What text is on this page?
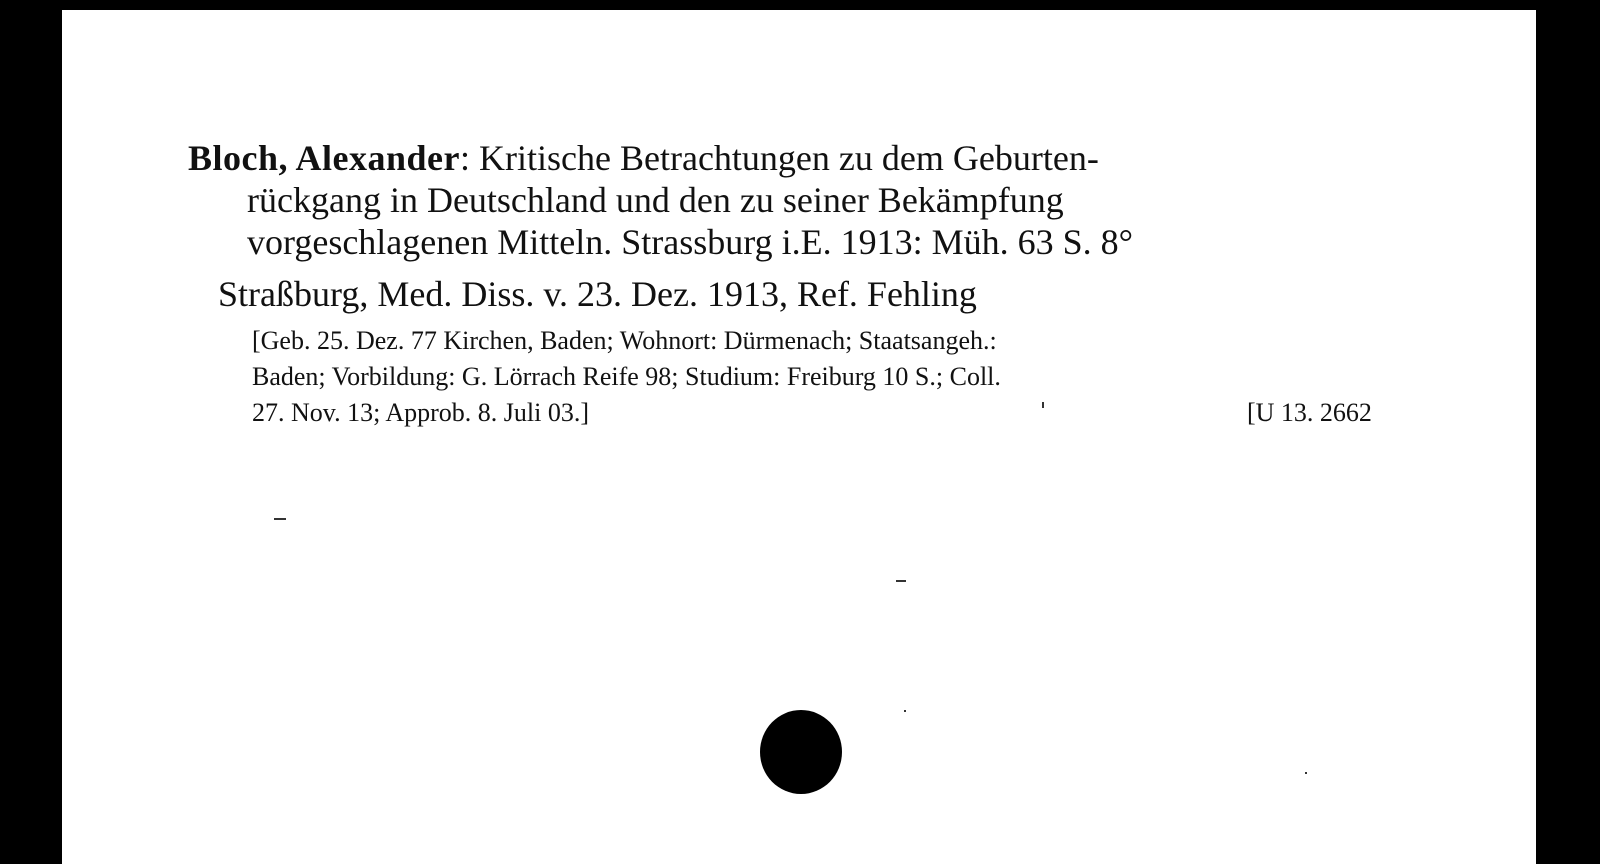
Bloch, Alexander: Kritische Betrachtungen zu dem Geburten-
rückgang in Deutschland und den zu seiner Bekämpfung
vorgeschlagenen Mitteln. Strassburg i.E. 1913: Müh. 63 S. 8°
Straßburg, Med. Diss. v. 23. Dez. 1913, Ref. Fehling
[Geb. 25. Dez. 77 Kirchen, Baden; Wohnort: Dürmenach; Staatsangeh.:
Baden; Vorbildung: G. Lörrach Reife 98; Studium: Freiburg 10 S.; Coll.
27. Nov. 13; Approb. 8. Juli 03.]	[U 13. 2662
